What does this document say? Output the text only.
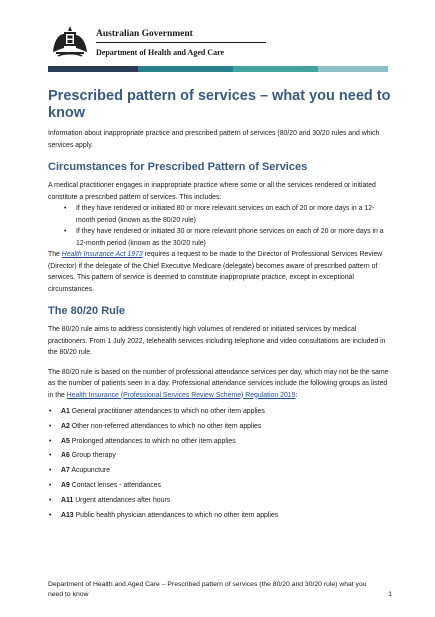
Australian Government
Department of Health and Aged Care
Prescribed pattern of services – what you need to know

Information about inappropriate practice and prescribed pattern of services (80/20 and 30/20 rules and which services apply.

Circumstances for Prescribed Pattern of Services

A medical practitioner engages in inappropriate practice where some or all the services rendered or initiated constitute a prescribed pattern of services. This includes:

• If they have rendered or initiated 80 or more relevant services on each of 20 or more days in a 12-month period (known as the 80/20 rule)
• If they have rendered or initiated 30 or more relevant phone services on each of 20 or more days in a 12-month period (known as the 30/20 rule)

The Health Insurance Act 1973 requires a request to be made to the Director of Professional Services Review (Director) if the delegate of the Chief Executive Medicare (delegate) becomes aware of prescribed pattern of services. This pattern of service is deemed to constitute inappropriate practice, except in exceptional circumstances.

The 80/20 Rule

The 80/20 rule aims to address consistently high volumes of rendered or initiated services by medical practitioners. From 1 July 2022, telehealth services including telephone and video consultations are included in the 80/20 rule.

The 80/20 rule is based on the number of professional attendance services per day, which may not be the same as the number of patients seen in a day. Professional attendance services include the following groups as listed in the Health Insurance (Professional Services Review Scheme) Regulation 2019:

• A1 General practitioner attendances to which no other item applies
• A2 Other non-referred attendances to which no other item applies
• A5 Prolonged attendances to which no other item applies
• A6 Group therapy
• A7 Acupuncture
• A9 Contact lenses - attendances
• A11 Urgent attendances after hours
• A13 Public health physician attendances to which no other item applies
Department of Health and Aged Care – Prescribed pattern of services (the 80/20 and 30/20 rule) what you need to know	1
